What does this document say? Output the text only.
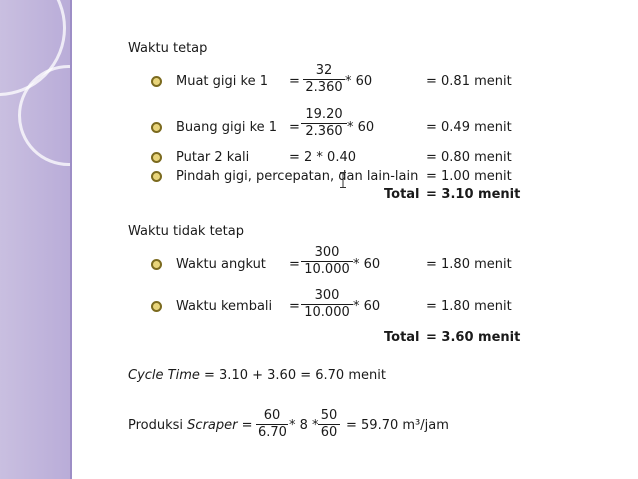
Waktu tetap
Muat gigi ke $1 = \frac{32}{2.360} * 60$	= 0.81 menit
Buang gigi ke $1 = \frac{19.20}{2.360} * 60$	= 0.49 menit
Putar 2 kali	= 2 * 0.40	= 0.80 menit
Pindah gigi, percepatan, dan lain-lain = 1.00 menit
Total = 3.10 menit
Waktu tidak tetap
Waktu angkut = $\frac{300}{10.000} * 60$	= 1.80 menit
Waktu kembali = $\frac{300}{10.000} * 60$	= 1.80 menit
Total = 3.60 menit
Cycle Time = 3.10 + 3.60 = 6.70 menit
Produksi Scraper = $\frac{60}{6.70} * 8 * \frac{50}{60} = 59.70$ m³/jam
